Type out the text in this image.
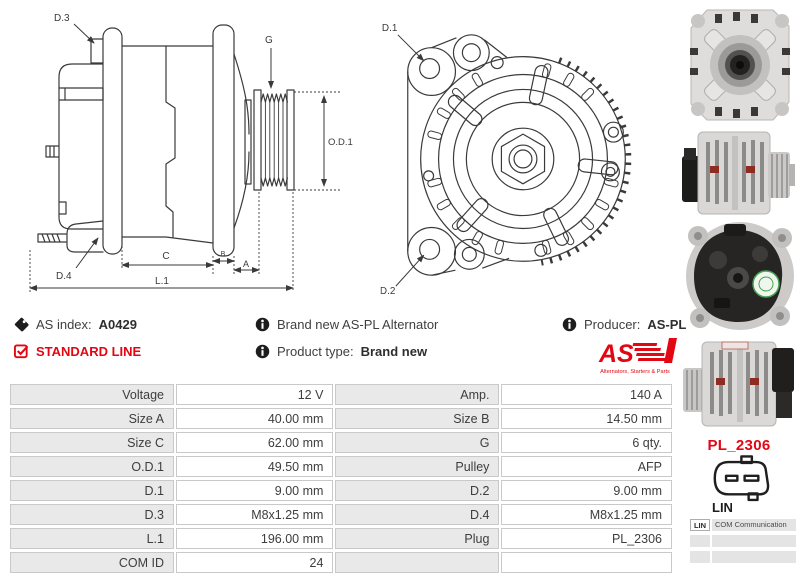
D.3
G
O.D.1
D.4
C	B
A
L.1
D.1
D.2
AS index: A0429
STANDARD LINE
Brand new AS-PL Alternator
Product type: Brand new
Producer: AS-PL
AS
Alternators, Starters & Parts
Voltage	12 V	Amp.	140 A
Size A	40.00 mm	Size B	14.50 mm
Size C	62.00 mm	G	6 qty.
O.D.1	49.50 mm	Pulley	AFP
D.1	9.00 mm	D.2	9.00 mm
D.3	M8x1.25 mm	D.4	M8x1.25 mm
L.1	196.00 mm	Plug	PL_2306
COM ID	24		
PL_2306
LIN
LIN	COM Communication
